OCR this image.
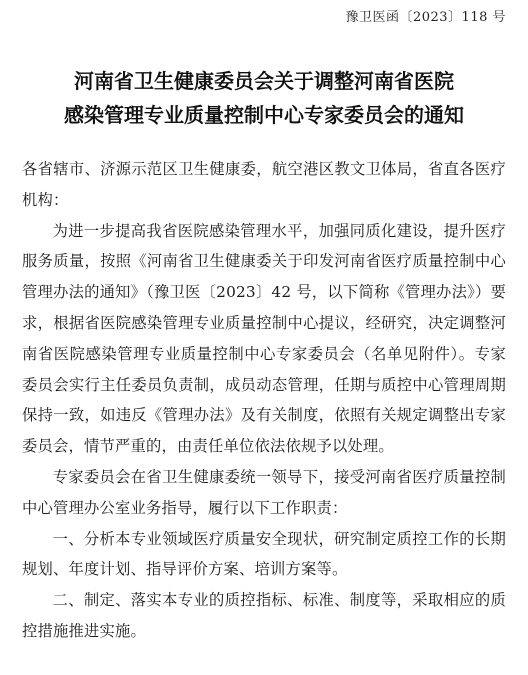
豫卫医函〔2023〕118 号
河南省卫生健康委员会关于调整河南省医院
感染管理专业质量控制中心专家委员会的通知

各省辖市、济源示范区卫生健康委，航空港区教文卫体局，省直各医疗机构：

为进一步提高我省医院感染管理水平，加强同质化建设，提升医疗服务质量，按照《河南省卫生健康委关于印发河南省医疗质量控制中心管理办法的通知》（豫卫医〔2023〕42 号，以下简称《管理办法》）要求，根据省医院感染管理专业质量控制中心提议，经研究，决定调整河南省医院感染管理专业质量控制中心专家委员会（名单见附件）。专家委员会实行主任委员负责制，成员动态管理，任期与质控中心管理周期保持一致，如违反《管理办法》及有关制度，依照有关规定调整出专家委员会，情节严重的，由责任单位依法依规予以处理。

专家委员会在省卫生健康委统一领导下，接受河南省医疗质量控制中心管理办公室业务指导，履行以下工作职责：

一、分析本专业领域医疗质量安全现状，研究制定质控工作的长期规划、年度计划、指导评价方案、培训方案等。

二、制定、落实本专业的质控指标、标准、制度等，采取相应的质控措施推进实施。
